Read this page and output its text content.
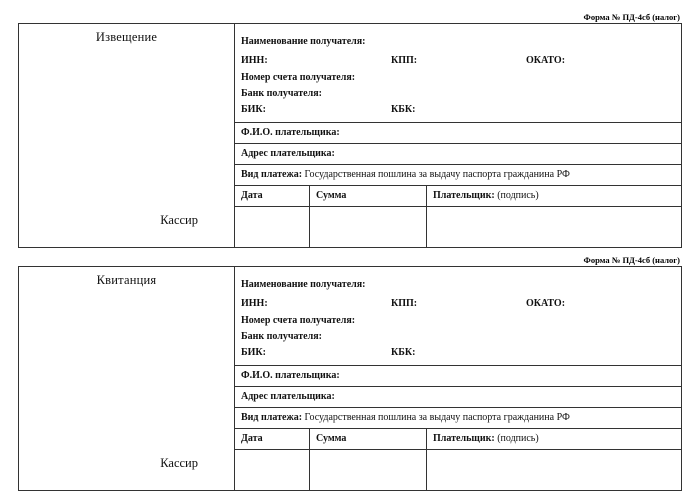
Форма № ПД-4сб (налог)
Извещение
Кассир

Наименование получателя:
ИНН:	КПП:	ОКАТО:
Номер счета получателя:
Банк получателя:
БИК:	КБК:
Ф.И.О. плательщика:
Адрес плательщика:
Вид платежа: Государственная пошлина за выдачу паспорта гражданина РФ
Дата	Сумма	Плательщик: (подпись)

Форма № ПД-4сб (налог)
Квитанция
Кассир

Наименование получателя:
ИНН:	КПП:	ОКАТО:
Номер счета получателя:
Банк получателя:
БИК:	КБК:
Ф.И.О. плательщика:
Адрес плательщика:
Вид платежа: Государственная пошлина за выдачу паспорта гражданина РФ
Дата	Сумма	Плательщик: (подпись)
